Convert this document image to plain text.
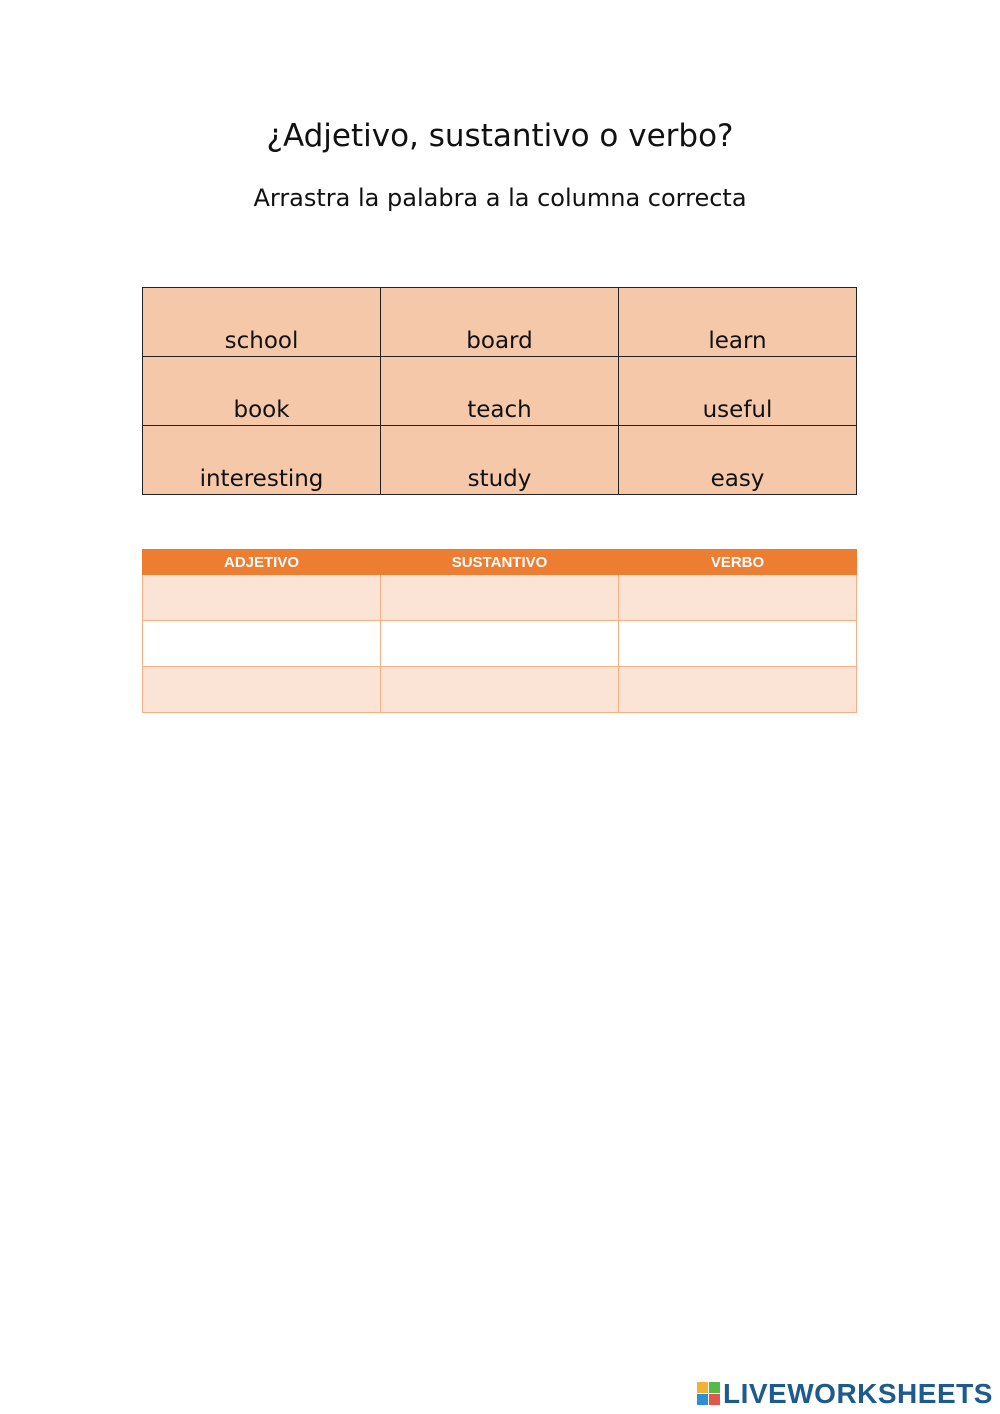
¿Adjetivo, sustantivo o verbo?
Arrastra la palabra a la columna correcta
school	board	learn
book	teach	useful
interesting	study	easy
ADJETIVO	SUSTANTIVO	VERBO

LIVEWORKSHEETS
